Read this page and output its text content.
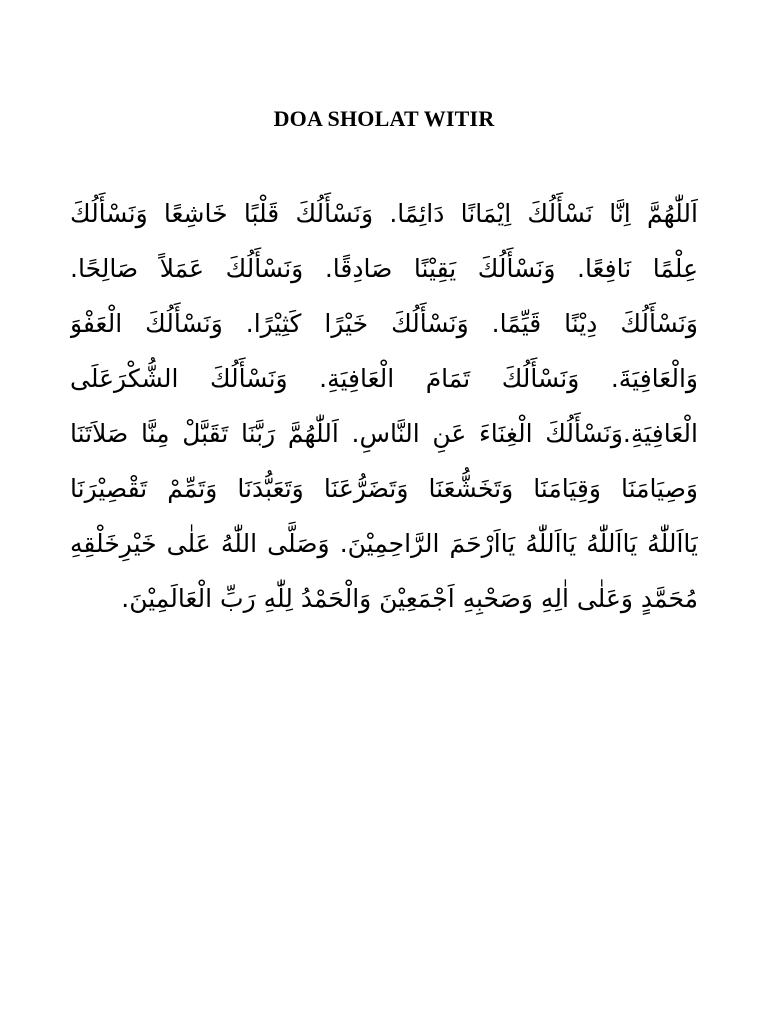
DOA SHOLAT WITIR
اَللّٰهُمَّ اِنَّا نَسْأَلُكَ اِيْمَانًا دَائِمًا. وَنَسْأَلُكَ قَلْبًا خَاشِعًا وَنَسْأَلُكَ
عِلْمًا نَافِعًا. وَنَسْأَلُكَ يَقِيْنًا صَادِقًا. وَنَسْأَلُكَ عَمَلاً صَالِحًا.
وَنَسْأَلُكَ دِيْنًا قَيِّمًا. وَنَسْأَلُكَ خَيْرًا كَثِيْرًا. وَنَسْأَلُكَ الْعَفْوَ
وَالْعَافِيَةَ. وَنَسْأَلُكَ تَمَامَ الْعَافِيَةِ. وَنَسْأَلُكَ الشُّكْرَعَلَى
الْعَافِيَةِ.وَنَسْأَلُكَ الْغِنَاءَ عَنِ النَّاسِ. اَللّٰهُمَّ رَبَّنَا تَقَبَّلْ مِنَّا صَلاَتَنَا
وَصِيَامَنَا وَقِيَامَنَا وَتَخَشُّعَنَا وَتَضَرُّعَنَا وَتَعَبُّدَنَا وَتَمِّمْ تَقْصِيْرَنَا
يَااَللّٰهُ يَااَللّٰهُ يَااَللّٰهُ يَااَرْحَمَ الرَّاحِمِيْنَ. وَصَلَّى اللّٰهُ عَلٰى خَيْرِخَلْقِهِ
مُحَمَّدٍ وَعَلٰى اٰلِهِ وَصَحْبِهِ اَجْمَعِيْنَ وَالْحَمْدُ لِلّٰهِ رَبِّ الْعَالَمِيْنَ.
